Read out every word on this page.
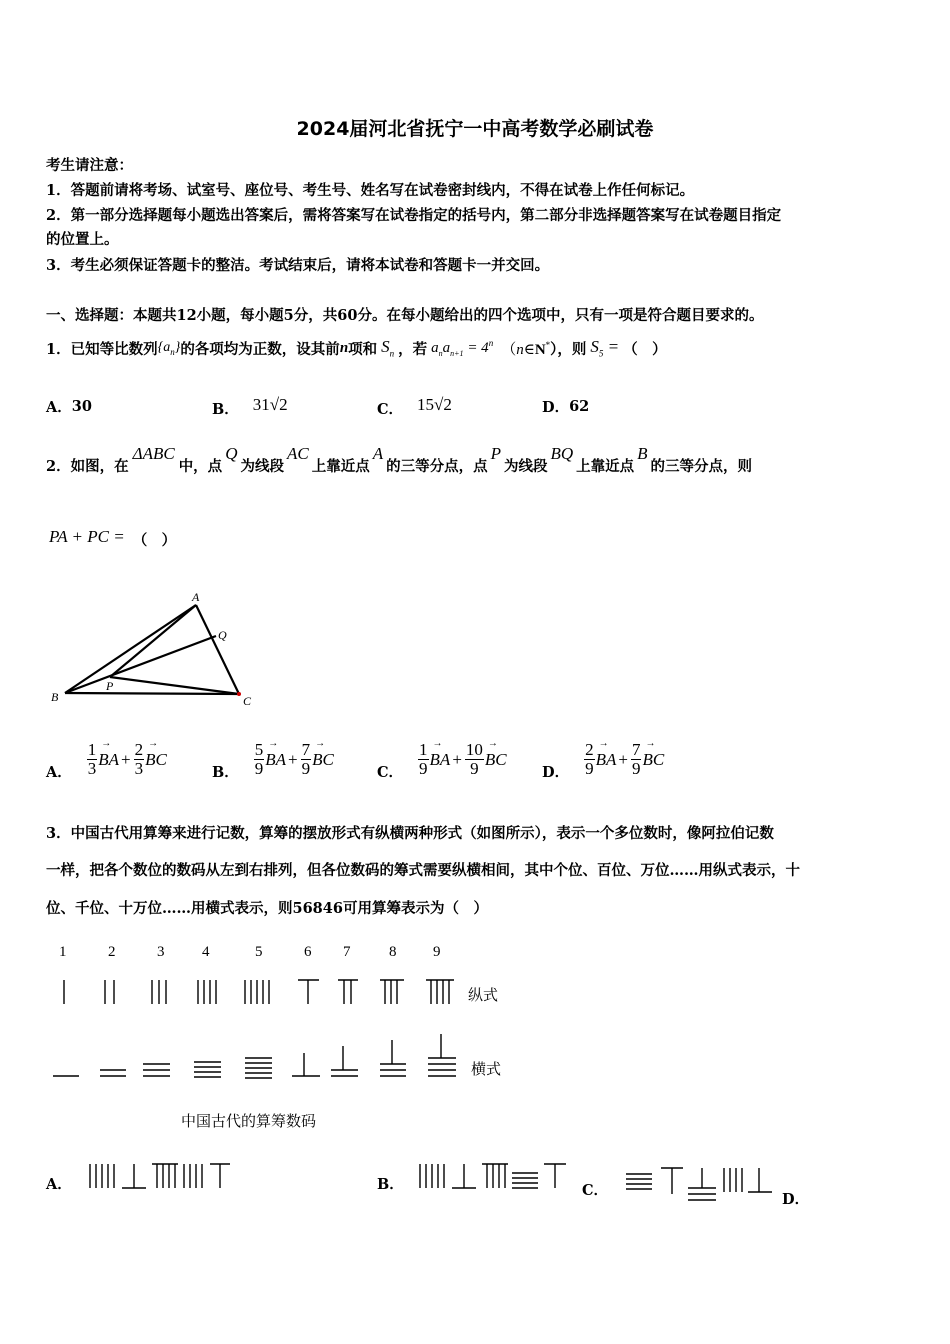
2024届河北省抚宁一中高考数学必刷试卷
考生请注意：
1．答题前请将考场、试室号、座位号、考生号、姓名写在试卷密封线内，不得在试卷上作任何标记。
2．第一部分选择题每小题选出答案后，需将答案写在试卷指定的括号内，第二部分非选择题答案写在试卷题目指定
的位置上。
3．考生必须保证答题卡的整洁。考试结束后，请将本试卷和答题卡一并交回。
一、选择题：本题共12小题，每小题5分，共60分。在每小题给出的四个选项中，只有一项是符合题目要求的。
1．已知等比数列 $\{a_n\}$ 的各项均为正数，设其前 n 项和 $S_n$ ，若 $a_na_{n+1} = 4^n$ （n∈N*），则 $S_5$ = （　）
A． 30	B． 31√2	C． 15√2	D． 62
2．如图，在
ΔABC
中，点
Q
为线段
AC
上靠近点
A
的三等分点，点
P
为线段
BQ
上靠近点
B
的三等分点，则
PA + PC = （　）
A
B	C
P
Q
A． $\frac{1}{3}$ → BA + $\frac{2}{3}$ → BC
B． $\frac{5}{9}$ → BA + $\frac{7}{9}$ → BC
C． $\frac{1}{9}$ → BA + $\frac{10}{9}$ → BC
D． $\frac{2}{9}$ → BA + $\frac{7}{9}$ → BC
3．中国古代用算筹来进行记数，算筹的摆放形式有纵横两种形式（如图所示），表示一个多位数时，像阿拉伯记数
一样，把各个数位的数码从左到右排列，但各位数码的筹式需要纵横相间，其中个位、百位、万位……用纵式表示，十
位、千位、十万位……用横式表示，则56846可用算筹表示为（　）
1	2	3	4	5	6 7	8 9
纵式
横式
中国古代的算筹数码
A．	B．	C．
D．
